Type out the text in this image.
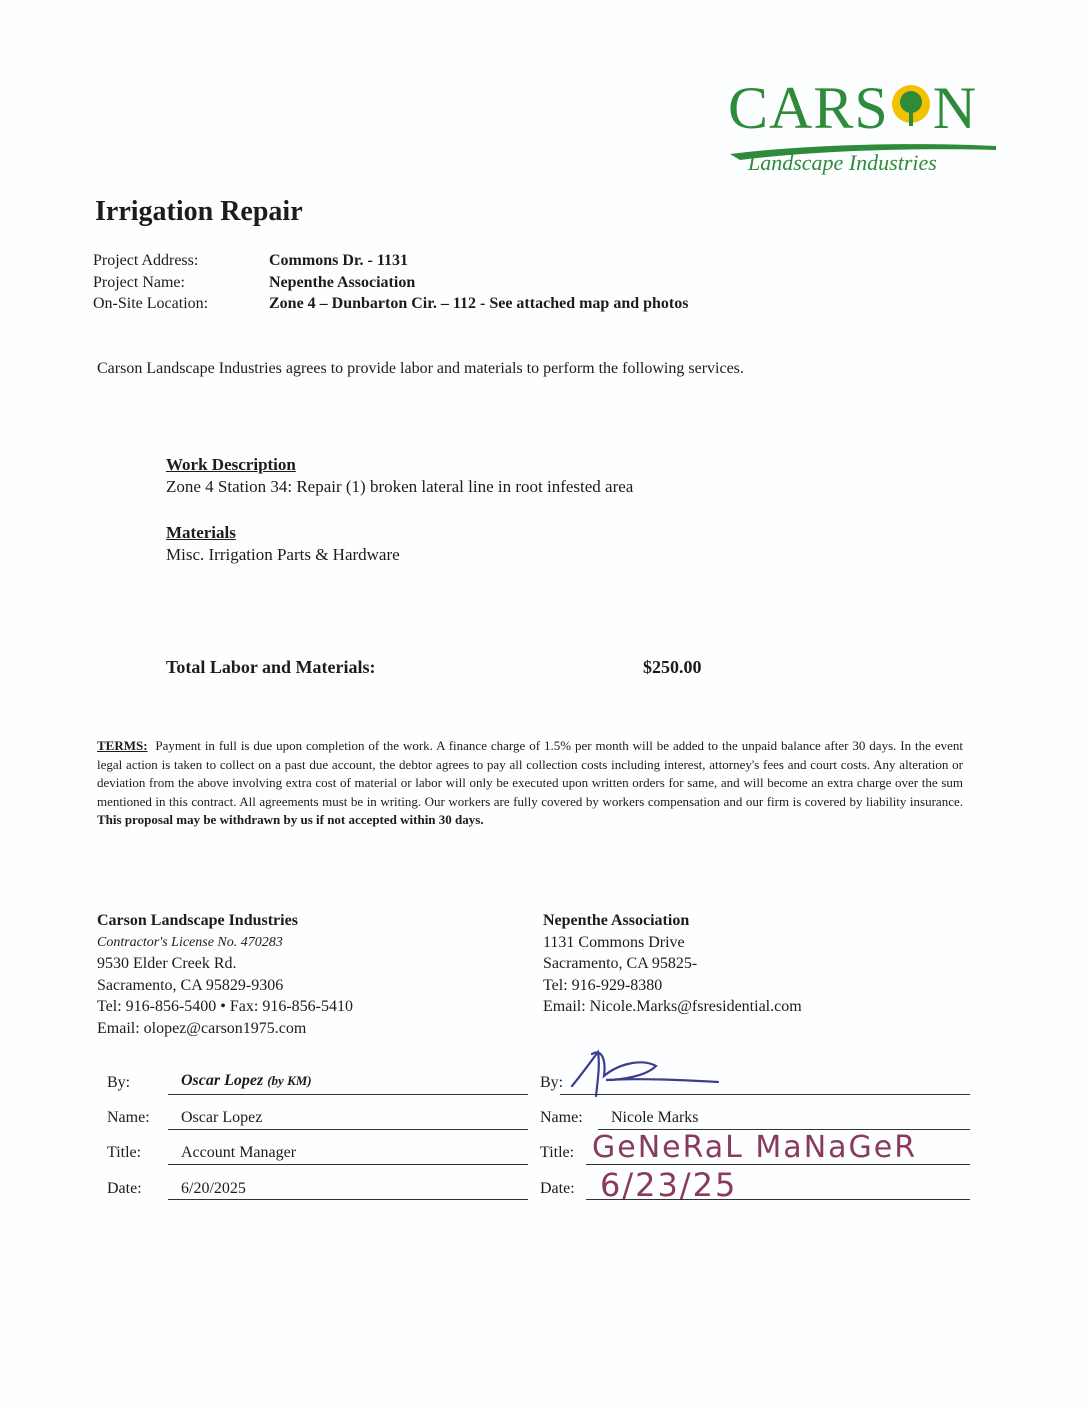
CARS N
Landscape Industries
Irrigation Repair
Project Address:	Commons Dr. - 1131
Project Name:	Nepenthe Association
On-Site Location:	Zone 4 – Dunbarton Cir. – 112 - See attached map and photos
Carson Landscape Industries agrees to provide labor and materials to perform the following services.
Work Description
Zone 4 Station 34: Repair (1) broken lateral line in root infested area
Materials
Misc. Irrigation Parts & Hardware
Total Labor and Materials:	$250.00
TERMS: Payment in full is due upon completion of the work. A finance charge of 1.5% per month will be added to the unpaid balance after 30 days. In the event legal action is taken to collect on a past due account, the debtor agrees to pay all collection costs including interest, attorney's fees and court costs. Any alteration or deviation from the above involving extra cost of material or labor will only be executed upon written orders for same, and will become an extra charge over the sum mentioned in this contract. All agreements must be in writing. Our workers are fully covered by workers compensation and our firm is covered by liability insurance. This proposal may be withdrawn by us if not accepted within 30 days.
Carson Landscape Industries
Contractor's License No. 470283
9530 Elder Creek Rd.
Sacramento, CA 95829-9306
Tel: 916-856-5400 • Fax: 916-856-5410
Email: olopez@carson1975.com
Nepenthe Association
1131 Commons Drive
Sacramento, CA 95825-
Tel: 916-929-8380
Email: Nicole.Marks@fsresidential.com
By:	Oscar Lopez (by KM)
Name: Oscar Lopez
Title: Account Manager
Date: 6/20/2025
By:
Name: Nicole Marks
Title: GeNeRaL MaNaGeR
Date: 6/23/25
